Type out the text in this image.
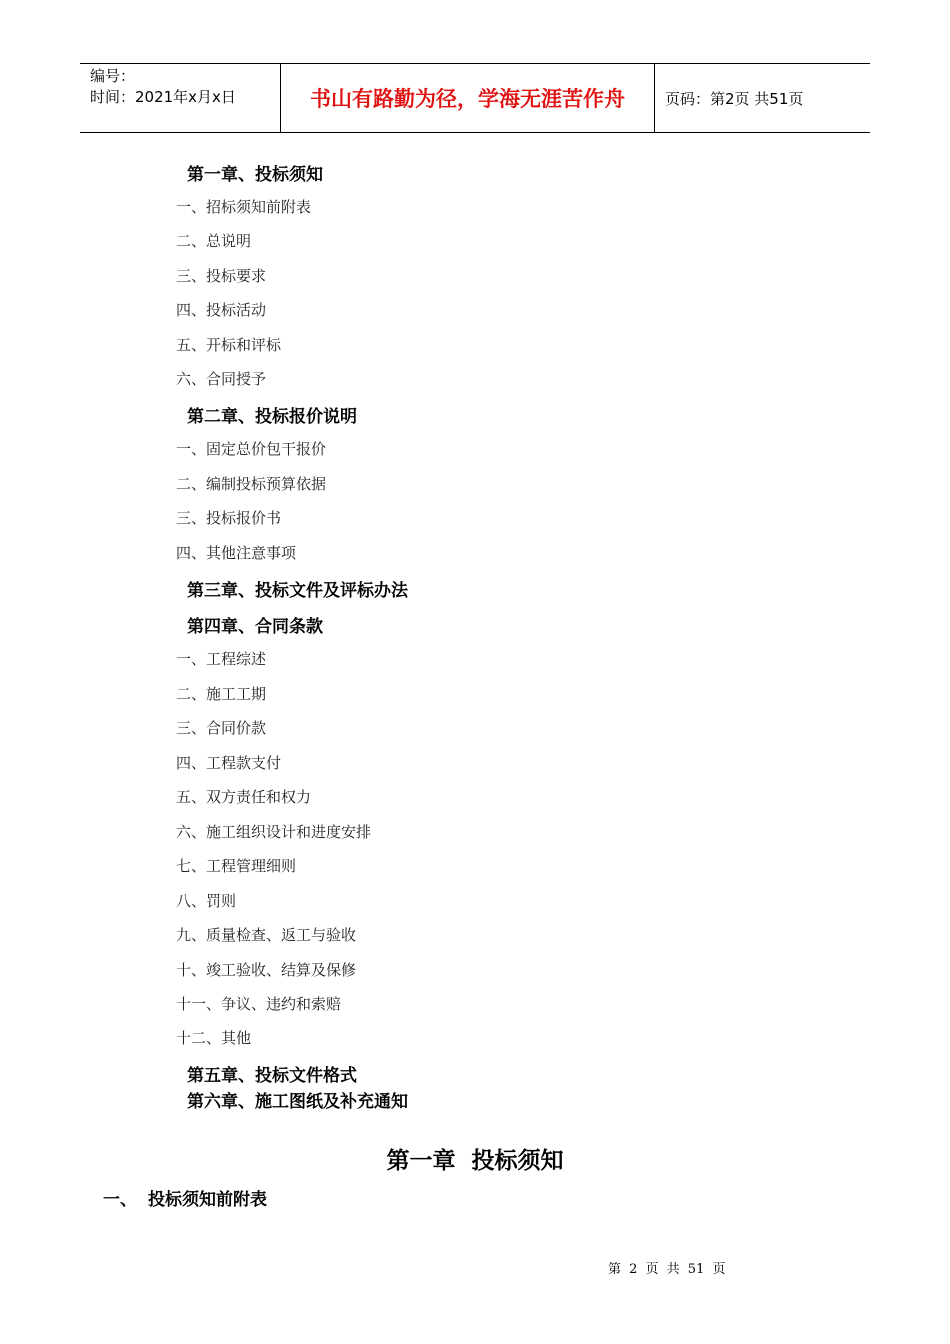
编号：
时间：2021年x月x日	书山有路勤为径，学海无涯苦作舟	页码：第2页 共51页
第一章、投标须知
一、招标须知前附表
二、总说明
三、投标要求
四、投标活动
五、开标和评标
六、合同授予
第二章、投标报价说明
一、固定总价包干报价
二、编制投标预算依据
三、投标报价书
四、其他注意事项
第三章、投标文件及评标办法
第四章、合同条款
一、工程综述
二、施工工期
三、合同价款
四、工程款支付
五、双方责任和权力
六、施工组织设计和进度安排
七、工程管理细则
八、罚则
九、质量检查、返工与验收
十、竣工验收、结算及保修
十一、争议、违约和索赔
十二、其他
第五章、投标文件格式
第六章、施工图纸及补充通知
第一章 投标须知
一、 投标须知前附表
第 2 页 共 51 页
